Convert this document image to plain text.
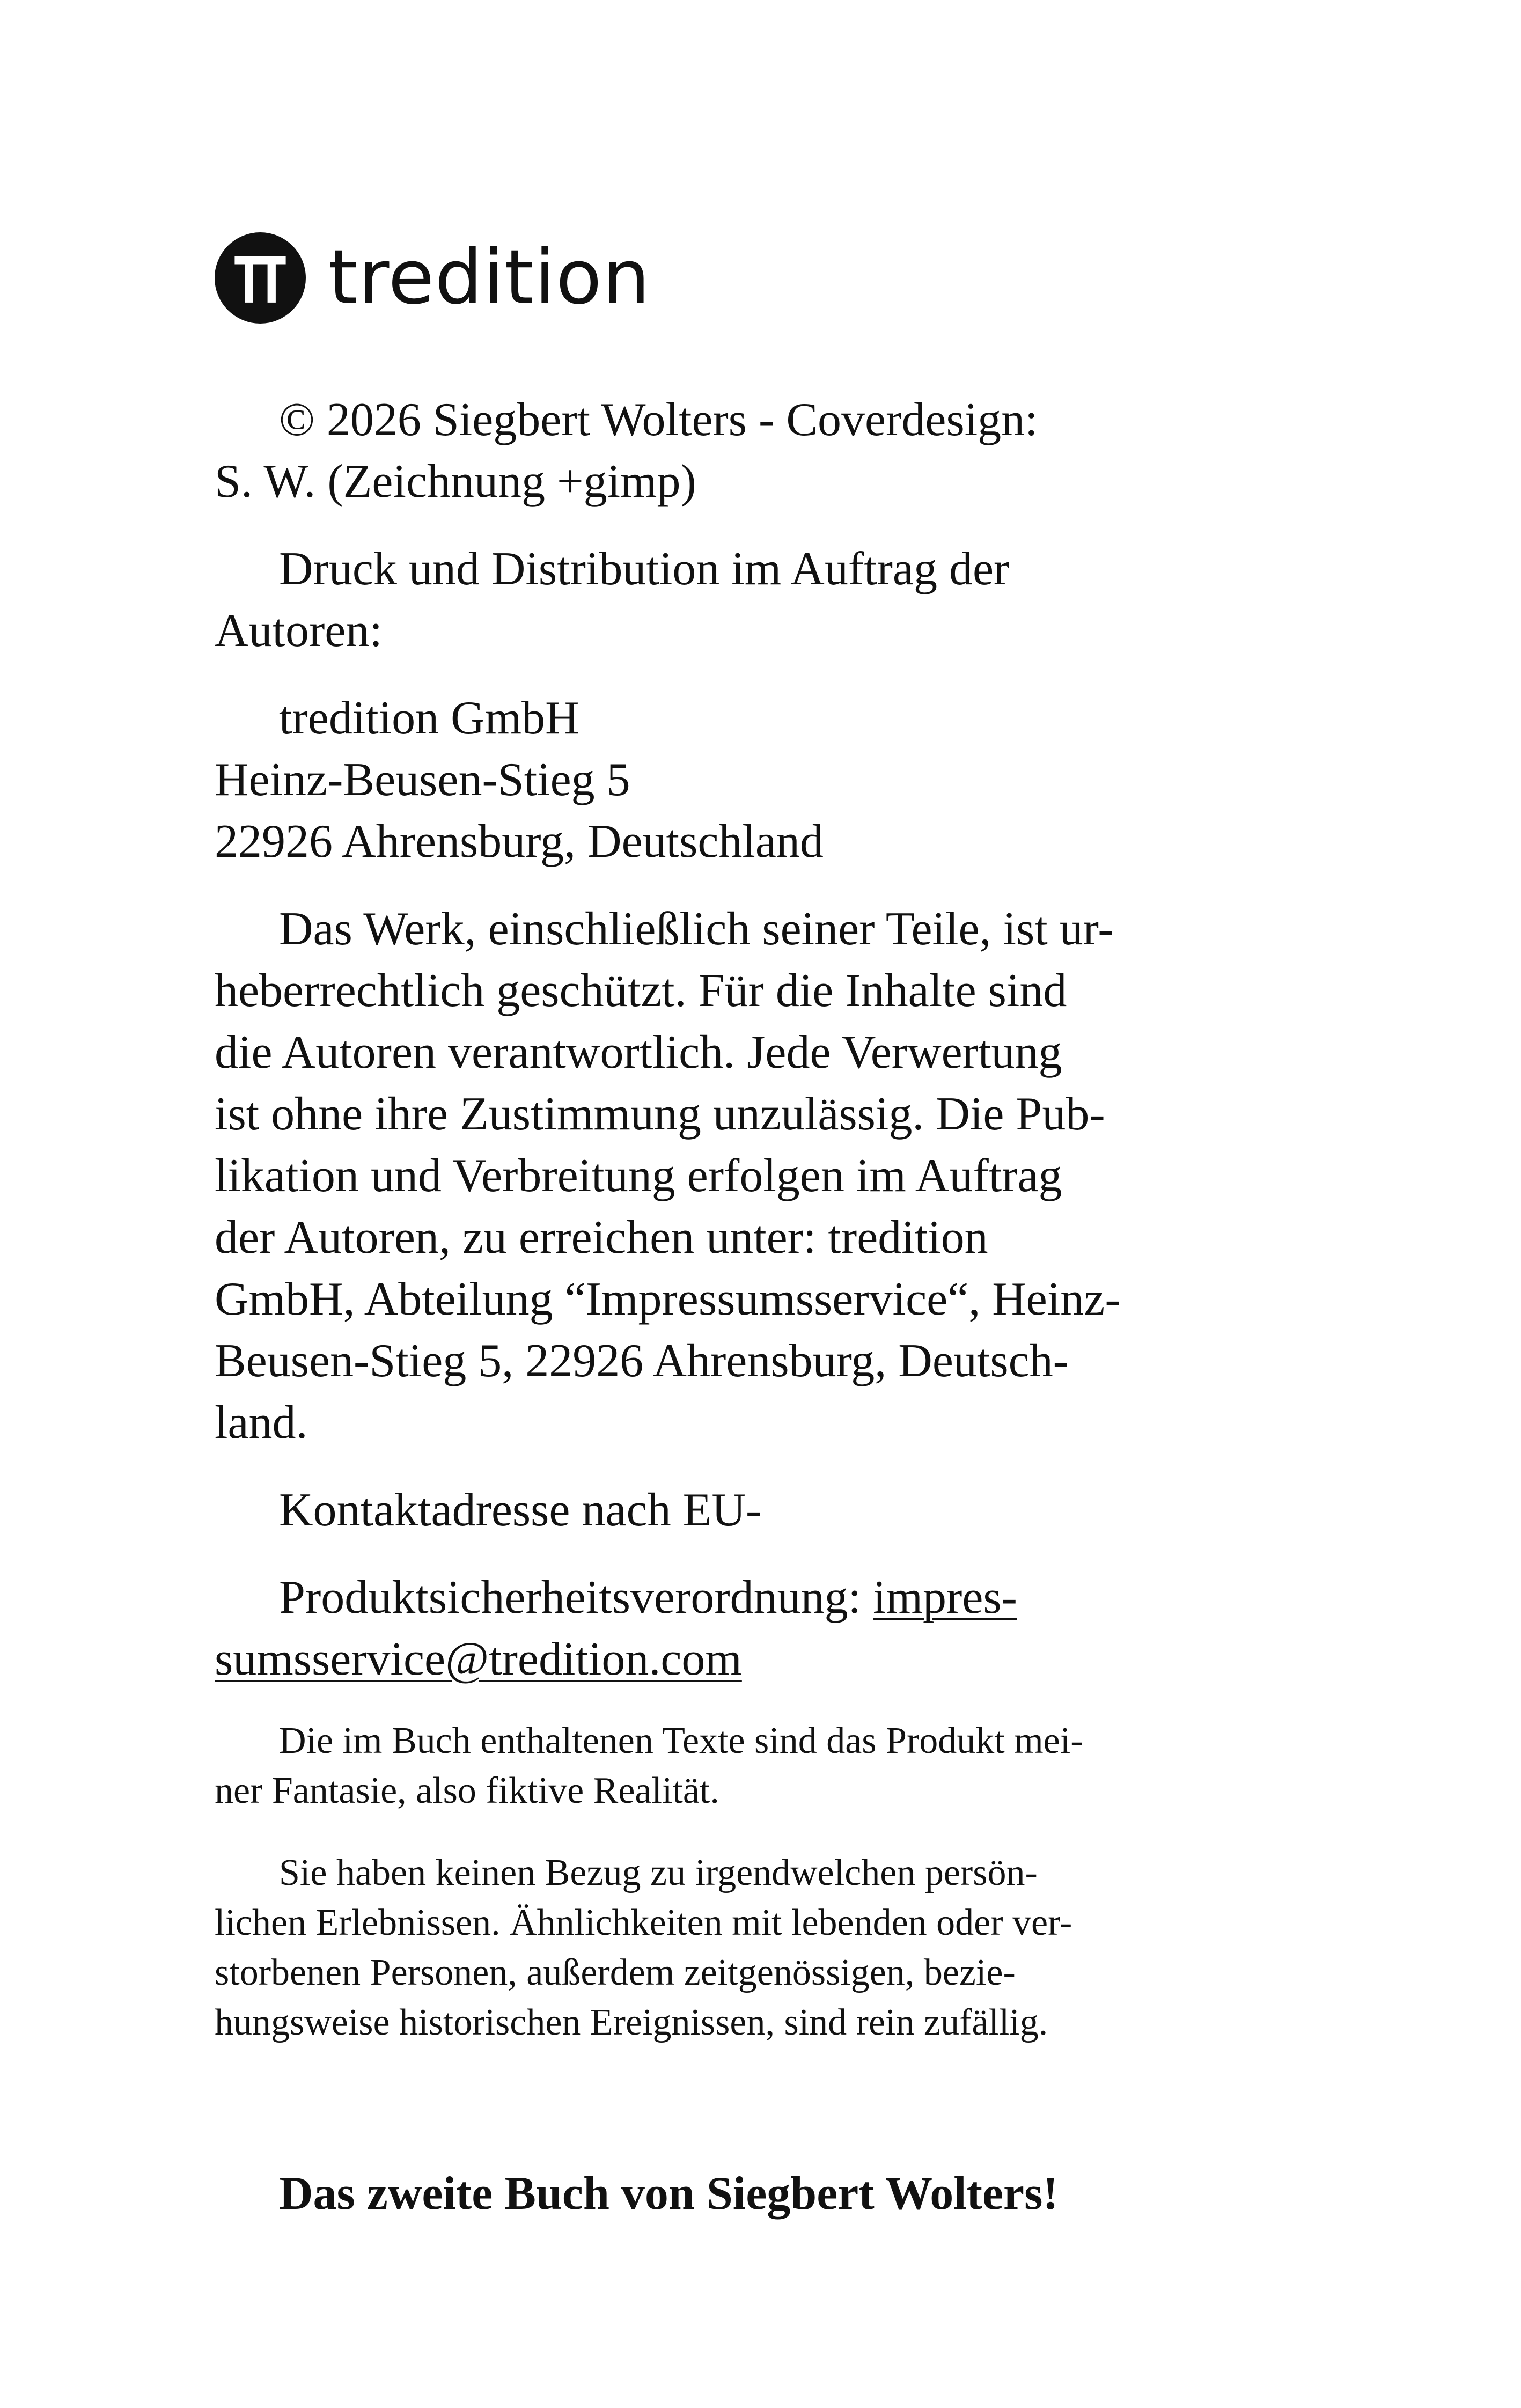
tredition

© 2026 Siegbert Wolters - Coverdesign:
S. W. (Zeichnung +gimp)

Druck und Distribution im Auftrag der
Autoren:

tredition GmbH
Heinz-Beusen-Stieg 5
22926 Ahrensburg, Deutschland

Das Werk, einschließlich seiner Teile, ist ur-
heberrechtlich geschützt. Für die Inhalte sind
die Autoren verantwortlich. Jede Verwertung
ist ohne ihre Zustimmung unzulässig. Die Pub-
likation und Verbreitung erfolgen im Auftrag
der Autoren, zu erreichen unter: tredition
GmbH, Abteilung “Impressumsservice“, Heinz-
Beusen-Stieg 5, 22926 Ahrensburg, Deutsch-
land.

Kontaktadresse nach EU-

Produktsicherheitsverordnung: impres-
sumsservice@tredition.com

Die im Buch enthaltenen Texte sind das Produkt mei-
ner Fantasie, also fiktive Realität.

Sie haben keinen Bezug zu irgendwelchen persön-
lichen Erlebnissen. Ähnlichkeiten mit lebenden oder ver-
storbenen Personen, außerdem zeitgenössigen, bezie-
hungsweise historischen Ereignissen, sind rein zufällig.

Das zweite Buch von Siegbert Wolters!
